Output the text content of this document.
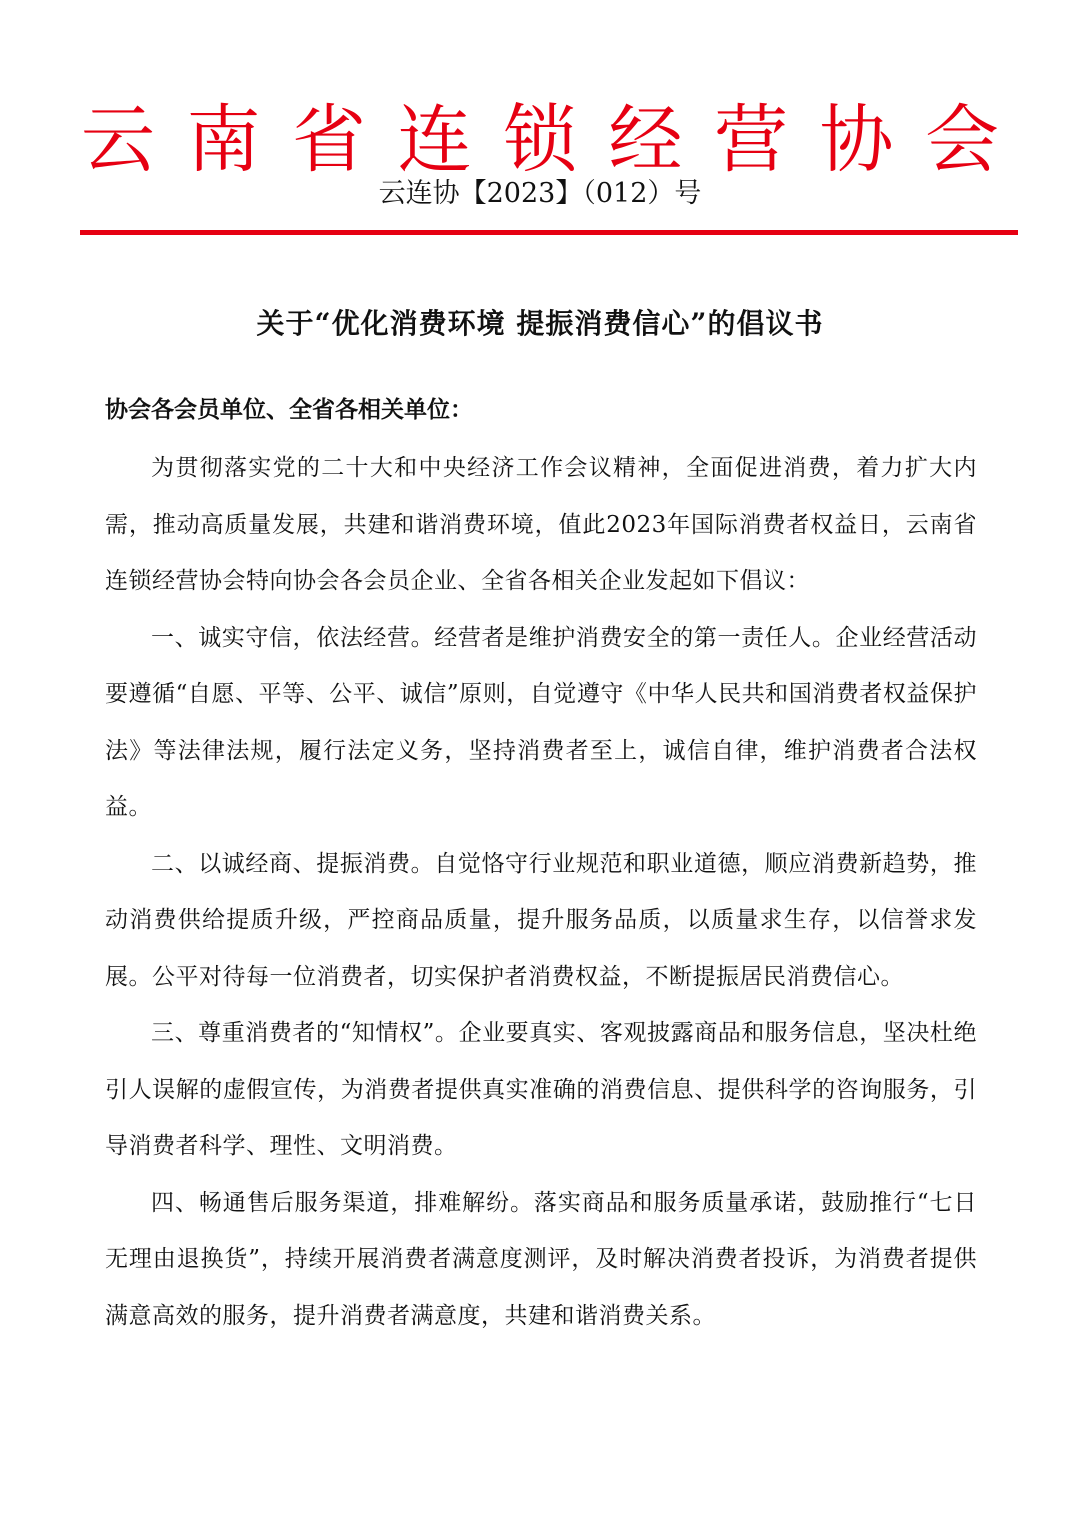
云 南 省 连 锁 经 营 协 会
云连协【2023】（012）号
关于“优化消费环境 提振消费信心”的倡议书
协会各会员单位、全省各相关单位：

为贯彻落实党的二十大和中央经济工作会议精神，全面促进消费，着力扩大内需，推动高质量发展，共建和谐消费环境，值此2023年国际消费者权益日，云南省连锁经营协会特向协会各会员企业、全省各相关企业发起如下倡议：

一、诚实守信，依法经营。经营者是维护消费安全的第一责任人。企业经营活动要遵循“自愿、平等、公平、诚信”原则，自觉遵守《中华人民共和国消费者权益保护法》等法律法规，履行法定义务，坚持消费者至上，诚信自律，维护消费者合法权益。

二、以诚经商、提振消费。自觉恪守行业规范和职业道德，顺应消费新趋势，推动消费供给提质升级，严控商品质量，提升服务品质，以质量求生存，以信誉求发展。公平对待每一位消费者，切实保护者消费权益，不断提振居民消费信心。

三、尊重消费者的“知情权”。企业要真实、客观披露商品和服务信息，坚决杜绝引人误解的虚假宣传，为消费者提供真实准确的消费信息、提供科学的咨询服务，引导消费者科学、理性、文明消费。

四、畅通售后服务渠道，排难解纷。落实商品和服务质量承诺，鼓励推行“七日无理由退换货”，持续开展消费者满意度测评，及时解决消费者投诉，为消费者提供满意高效的服务，提升消费者满意度，共建和谐消费关系。
